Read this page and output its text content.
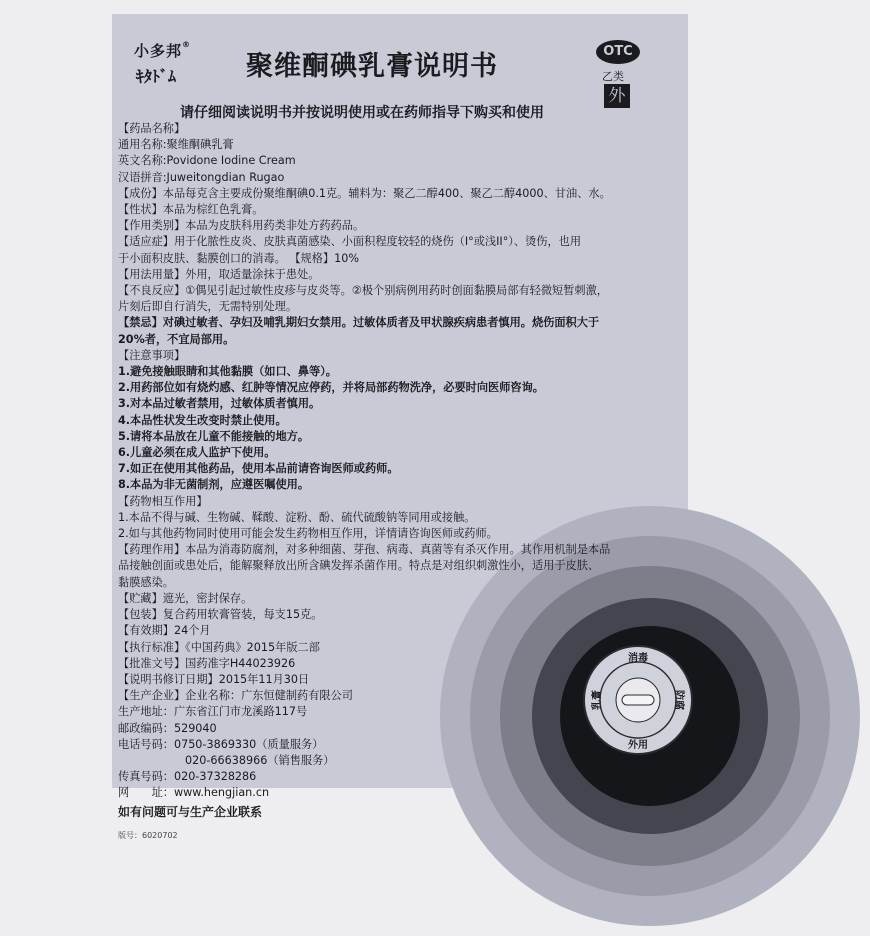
消毒
防腐
乳膏
外用
小多邦®
ｷﾀﾄﾞﾑ	聚维酮碘乳膏说明书	OTC
乙类
外
请仔细阅读说明书并按说明使用或在药师指导下购买和使用
【药品名称】
通用名称:聚维酮碘乳膏
英文名称:Povidone Iodine Cream
汉语拼音:Juweitongdian Rugao
【成份】本品每克含主要成份聚维酮碘0.1克。辅料为：聚乙二醇400、聚乙二醇4000、甘油、水。
【性状】本品为棕红色乳膏。
【作用类别】本品为皮肤科用药类非处方药药品。
【适应症】用于化脓性皮炎、皮肤真菌感染、小面积程度较轻的烧伤（I°或浅II°）、烫伤，也用
于小面积皮肤、黏膜创口的消毒。 【规格】10%
【用法用量】外用，取适量涂抹于患处。
【不良反应】①偶见引起过敏性皮疹与皮炎等。②极个别病例用药时创面黏膜局部有轻微短暂刺激，
片刻后即自行消失，无需特别处理。
【禁忌】对碘过敏者、孕妇及哺乳期妇女禁用。过敏体质者及甲状腺疾病患者慎用。烧伤面积大于
20%者，不宜局部用。
【注意事项】
1.避免接触眼睛和其他黏膜（如口、鼻等）。
2.用药部位如有烧灼感、红肿等情况应停药，并将局部药物洗净，必要时向医师咨询。
3.对本品过敏者禁用，过敏体质者慎用。
4.本品性状发生改变时禁止使用。
5.请将本品放在儿童不能接触的地方。
6.儿童必须在成人监护下使用。
7.如正在使用其他药品，使用本品前请咨询医师或药师。
8.本品为非无菌制剂，应遵医嘱使用。
【药物相互作用】
1.本品不得与碱、生物碱、鞣酸、淀粉、酚、硫代硫酸钠等同用或接触。
2.如与其他药物同时使用可能会发生药物相互作用，详情请咨询医师或药师。
【药理作用】本品为消毒防腐剂，对多种细菌、芽孢、病毒、真菌等有杀灭作用。其作用机制是本品
品接触创面或患处后，能解聚释放出所含碘发挥杀菌作用。特点是对组织刺激性小，适用于皮肤、
黏膜感染。
【贮藏】遮光，密封保存。
【包装】复合药用软膏管装，每支15克。
【有效期】24个月
【执行标准】《中国药典》2015年版二部
【批准文号】国药准字H44023926
【说明书修订日期】2015年11月30日
【生产企业】企业名称：广东恒健制药有限公司
生产地址：广东省江门市龙溪路117号
邮政编码：529040
电话号码：0750-3869330（质量服务）
020-66638966（销售服务）
传真号码：020-37328286
网　　址：www.hengjian.cn
如有问题可与生产企业联系
版号：6020702
